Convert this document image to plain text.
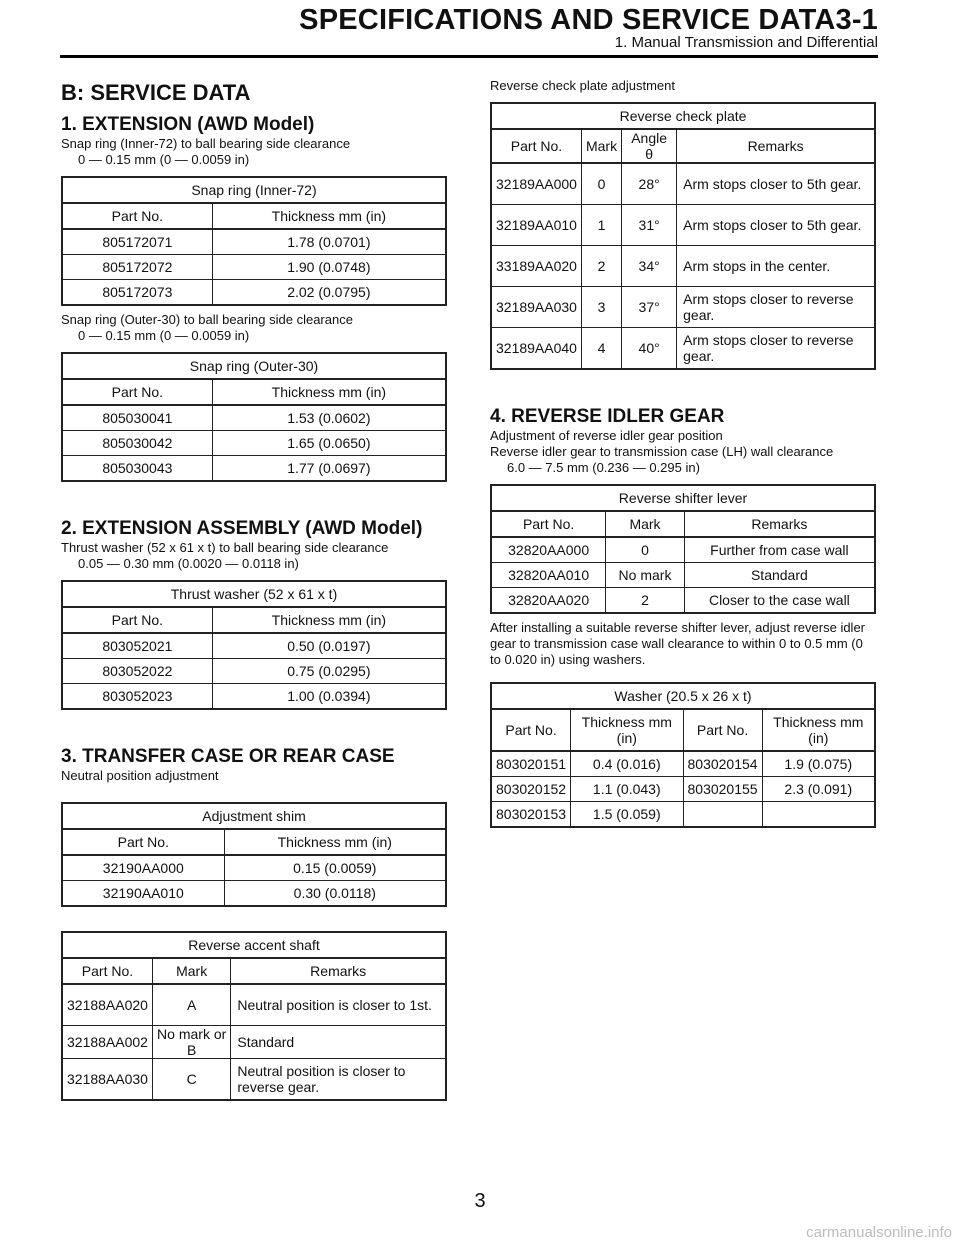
SPECIFICATIONS AND SERVICE DATA3-1
1. Manual Transmission and Differential
B: SERVICE DATA
1. EXTENSION (AWD Model)
Snap ring (Inner-72) to ball bearing side clearance
0 — 0.15 mm (0 — 0.0059 in)
Snap ring (Inner-72)	
Part No.	Thickness mm (in)
805172071	1.78 (0.0701)
805172072	1.90 (0.0748)
805172073	2.02 (0.0795)
Snap ring (Outer-30) to ball bearing side clearance
0 — 0.15 mm (0 — 0.0059 in)
Snap ring (Outer-30)	
Part No.	Thickness mm (in)
805030041	1.53 (0.0602)
805030042	1.65 (0.0650)
805030043	1.77 (0.0697)
2. EXTENSION ASSEMBLY (AWD Model)
Thrust washer (52 x 61 x t) to ball bearing side clearance
0.05 — 0.30 mm (0.0020 — 0.0118 in)
Thrust washer (52 x 61 x t)	
Part No.	Thickness mm (in)
803052021	0.50 (0.0197)
803052022	0.75 (0.0295)
803052023	1.00 (0.0394)
3. TRANSFER CASE OR REAR CASE
Neutral position adjustment
Adjustment shim	
Part No.	Thickness mm (in)
32190AA000	0.15 (0.0059)
32190AA010	0.30 (0.0118)
Reverse accent shaft		
Part No.	Mark	Remarks
32188AA020	A	Neutral position is closer to 1st.
32188AA002	No mark or B	Standard
32188AA030	C	Neutral position is closer to reverse gear.
Reverse check plate adjustment
Reverse check plate			
Part No.	Mark	Angle θ	Remarks
32189AA000	0	28°	Arm stops closer to 5th gear.
32189AA010	1	31°	Arm stops closer to 5th gear.
33189AA020	2	34°	Arm stops in the center.
32189AA030	3	37°	Arm stops closer to reverse gear.
32189AA040	4	40°	Arm stops closer to reverse gear.
4. REVERSE IDLER GEAR
Adjustment of reverse idler gear position
Reverse idler gear to transmission case (LH) wall clearance
6.0 — 7.5 mm (0.236 — 0.295 in)
Reverse shifter lever		
Part No.	Mark	Remarks
32820AA000	0	Further from case wall
32820AA010	No mark	Standard
32820AA020	2	Closer to the case wall
After installing a suitable reverse shifter lever, adjust reverse idler gear to transmission case wall clearance to within 0 to 0.5 mm (0 to 0.020 in) using washers.
Washer (20.5 x 26 x t)			
Part No.	Thickness mm (in)	Part No.	Thickness mm (in)
803020151	0.4 (0.016)	803020154	1.9 (0.075)
803020152	1.1 (0.043)	803020155	2.3 (0.091)
803020153	1.5 (0.059)		
3
carmanualsonline.info
